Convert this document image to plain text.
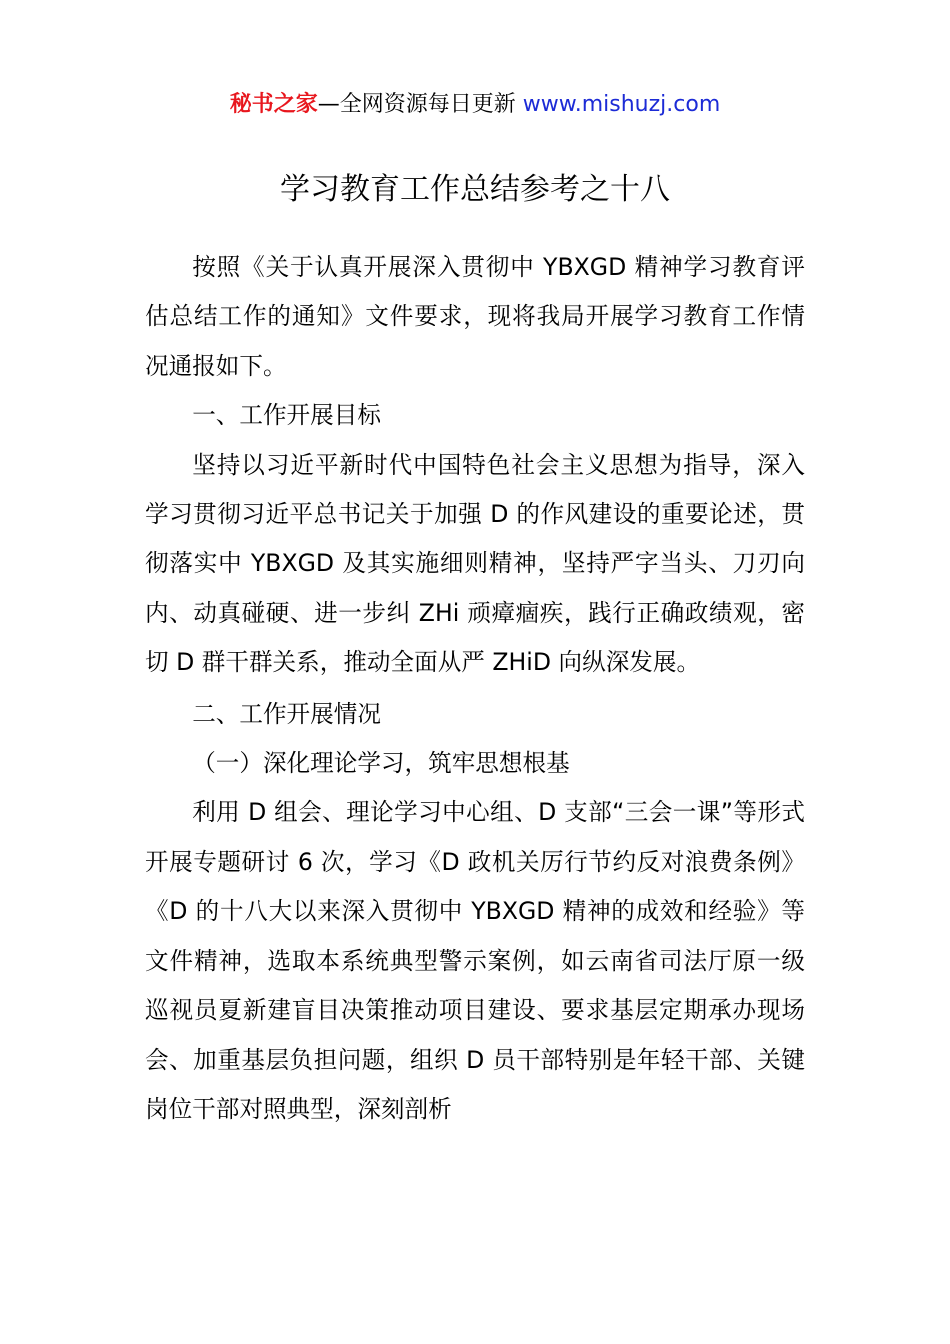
秘书之家—全网资源每日更新 www.mishuzj.com
学习教育工作总结参考之十八

按照《关于认真开展深入贯彻中 YBXGD 精神学习教育评估总结工作的通知》文件要求，现将我局开展学习教育工作情况通报如下。

一、工作开展目标

坚持以习近平新时代中国特色社会主义思想为指导，深入学习贯彻习近平总书记关于加强 D 的作风建设的重要论述，贯彻落实中 YBXGD 及其实施细则精神，坚持严字当头、刀刃向内、动真碰硬、进一步纠 ZHi 顽瘴痼疾，践行正确政绩观，密切 D 群干群关系，推动全面从严 ZHiD 向纵深发展。

二、工作开展情况

（一）深化理论学习，筑牢思想根基

利用 D 组会、理论学习中心组、D 支部“三会一课”等形式开展专题研讨 6 次，学习《D 政机关厉行节约反对浪费条例》《D 的十八大以来深入贯彻中 YBXGD 精神的成效和经验》等文件精神，选取本系统典型警示案例，如云南省司法厅原一级巡视员夏新建盲目决策推动项目建设、要求基层定期承办现场会、加重基层负担问题，组织 D 员干部特别是年轻干部、关键岗位干部对照典型，深刻剖析
